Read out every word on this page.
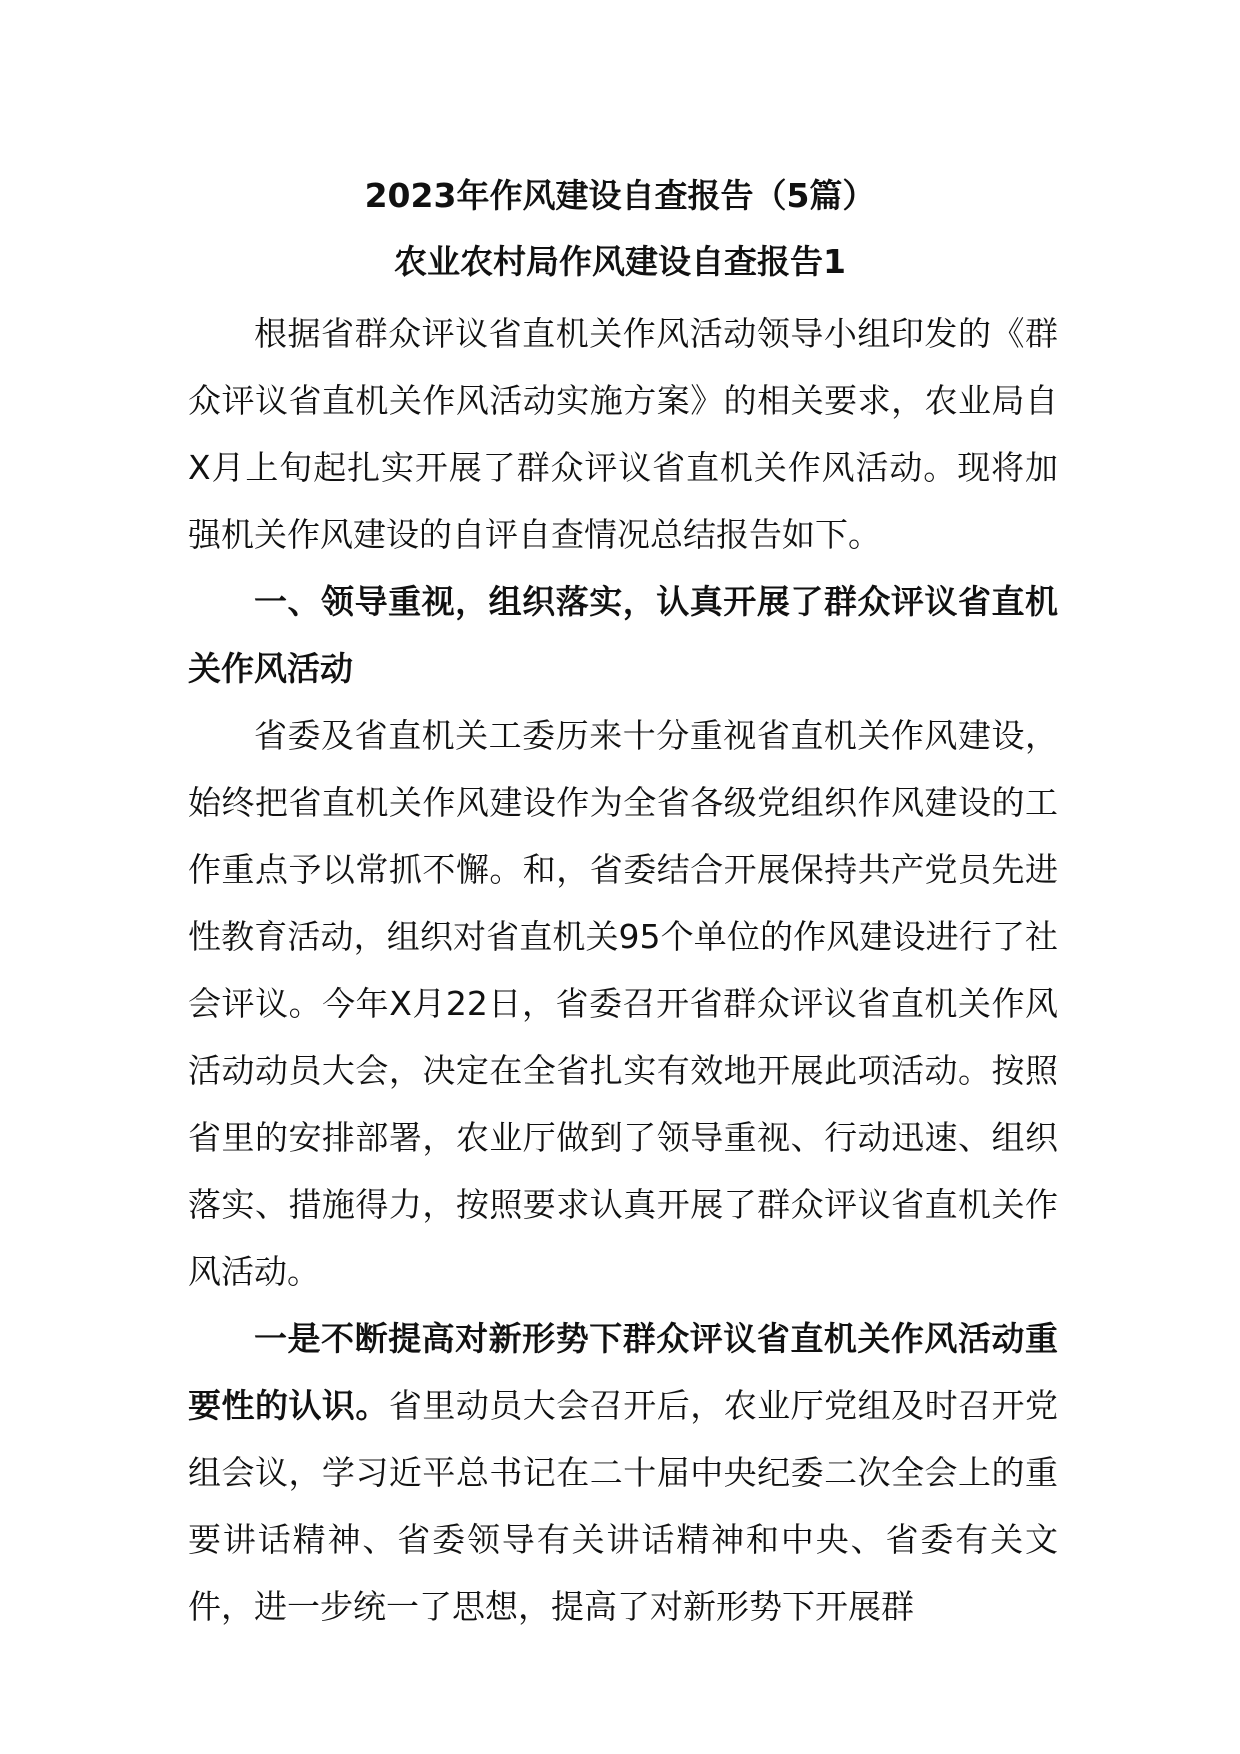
2023年作风建设自查报告（5篇）
农业农村局作风建设自查报告1

根据省群众评议省直机关作风活动领导小组印发的《群众评议省直机关作风活动实施方案》的相关要求，农业局自X月上旬起扎实开展了群众评议省直机关作风活动。现将加强机关作风建设的自评自查情况总结报告如下。

一、领导重视，组织落实，认真开展了群众评议省直机关作风活动

省委及省直机关工委历来十分重视省直机关作风建设，始终把省直机关作风建设作为全省各级党组织作风建设的工作重点予以常抓不懈。和，省委结合开展保持共产党员先进性教育活动，组织对省直机关95个单位的作风建设进行了社会评议。今年X月22日，省委召开省群众评议省直机关作风活动动员大会，决定在全省扎实有效地开展此项活动。按照省里的安排部署，农业厅做到了领导重视、行动迅速、组织落实、措施得力，按照要求认真开展了群众评议省直机关作风活动。

一是不断提高对新形势下群众评议省直机关作风活动重要性的认识。省里动员大会召开后，农业厅党组及时召开党组会议，学习近平总书记在二十届中央纪委二次全会上的重要讲话精神、省委领导有关讲话精神和中央、省委有关文件，进一步统一了思想，提高了对新形势下开展群
